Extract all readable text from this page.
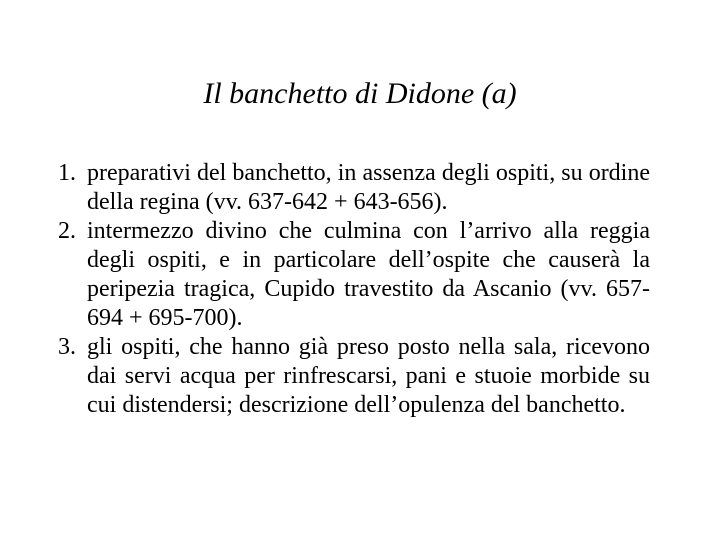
Il banchetto di Didone (a)
1. preparativi del banchetto, in assenza degli ospiti, su ordine della regina (vv. 637-642 + 643-656).
2. intermezzo divino che culmina con l’arrivo alla reggia degli ospiti, e in particolare dell’ospite che causerà la peripezia tragica, Cupido travestito da Ascanio (vv. 657-694 + 695-700).
3. gli ospiti, che hanno già preso posto nella sala, ricevono dai servi acqua per rinfrescarsi, pani e stuoie morbide su cui distendersi; descrizione dell’opulenza del banchetto.
